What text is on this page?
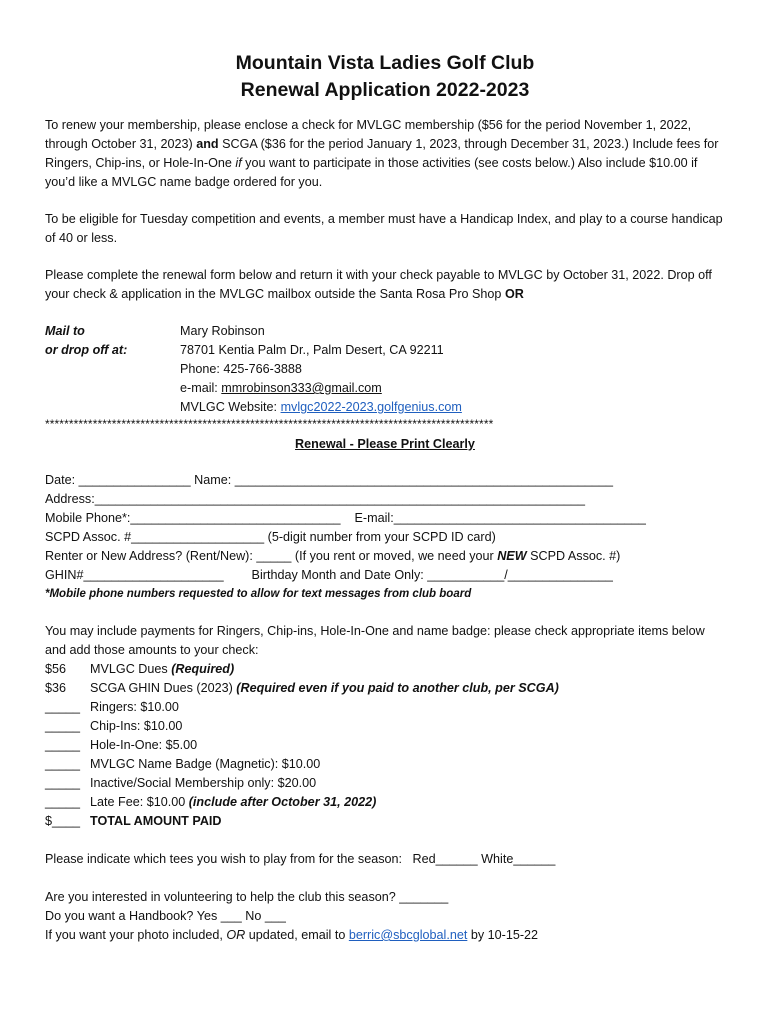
Mountain Vista Ladies Golf Club

Renewal Application 2022-2023

To renew your membership, please enclose a check for MVLGC membership ($56 for the period November 1, 2022, through October 31, 2023) and SCGA ($36 for the period January 1, 2023, through December 31, 2023.) Include fees for Ringers, Chip-ins, or Hole-In-One if you want to participate in those activities (see costs below.) Also include $10.00 if you’d like a MVLGC name badge ordered for you.

To be eligible for Tuesday competition and events, a member must have a Handicap Index, and play to a course handicap of 40 or less.

Please complete the renewal form below and return it with your check payable to MVLGC by October 31, 2022. Drop off your check & application in the MVLGC mailbox outside the Santa Rosa Pro Shop OR

Mail to
or drop off at:
Mary Robinson
78701 Kentia Palm Dr., Palm Desert, CA 92211
Phone: 425-766-3888
e-mail: mmrobinson333@gmail.com
MVLGC Website: mvlgc2022-2023.golfgenius.com
**********************************************************************************************

Renewal - Please Print Clearly

Date: ________________ Name: ______________________________________________________
Address:______________________________________________________________________
Mobile Phone*:______________________________    E-mail:____________________________________
SCPD Assoc. #___________________ (5-digit number from your SCPD ID card)
Renter or New Address? (Rent/New): _____ (If you rent or moved, we need your NEW SCPD Assoc. #)
GHIN#____________________        Birthday Month and Date Only: ___________/_______________
*Mobile phone numbers requested to allow for text messages from club board

You may include payments for Ringers, Chip-ins, Hole-In-One and name badge: please check appropriate items below and add those amounts to your check:

$56	MVLGC Dues (Required)
$36	SCGA GHIN Dues (2023) (Required even if you paid to another club, per SCGA)
_____ Ringers: $10.00
_____ Chip-Ins: $10.00
_____ Hole-In-One: $5.00
_____ MVLGC Name Badge (Magnetic): $10.00
_____ Inactive/Social Membership only: $20.00
_____ Late Fee: $10.00 (include after October 31, 2022)
$____ TOTAL AMOUNT PAID
Please indicate which tees you wish to play from for the season:   Red______ White______
Are you interested in volunteering to help the club this season? _______
Do you want a Handbook? Yes ___ No ___
If you want your photo included, OR updated, email to berric@sbcglobal.net by 10-15-22
